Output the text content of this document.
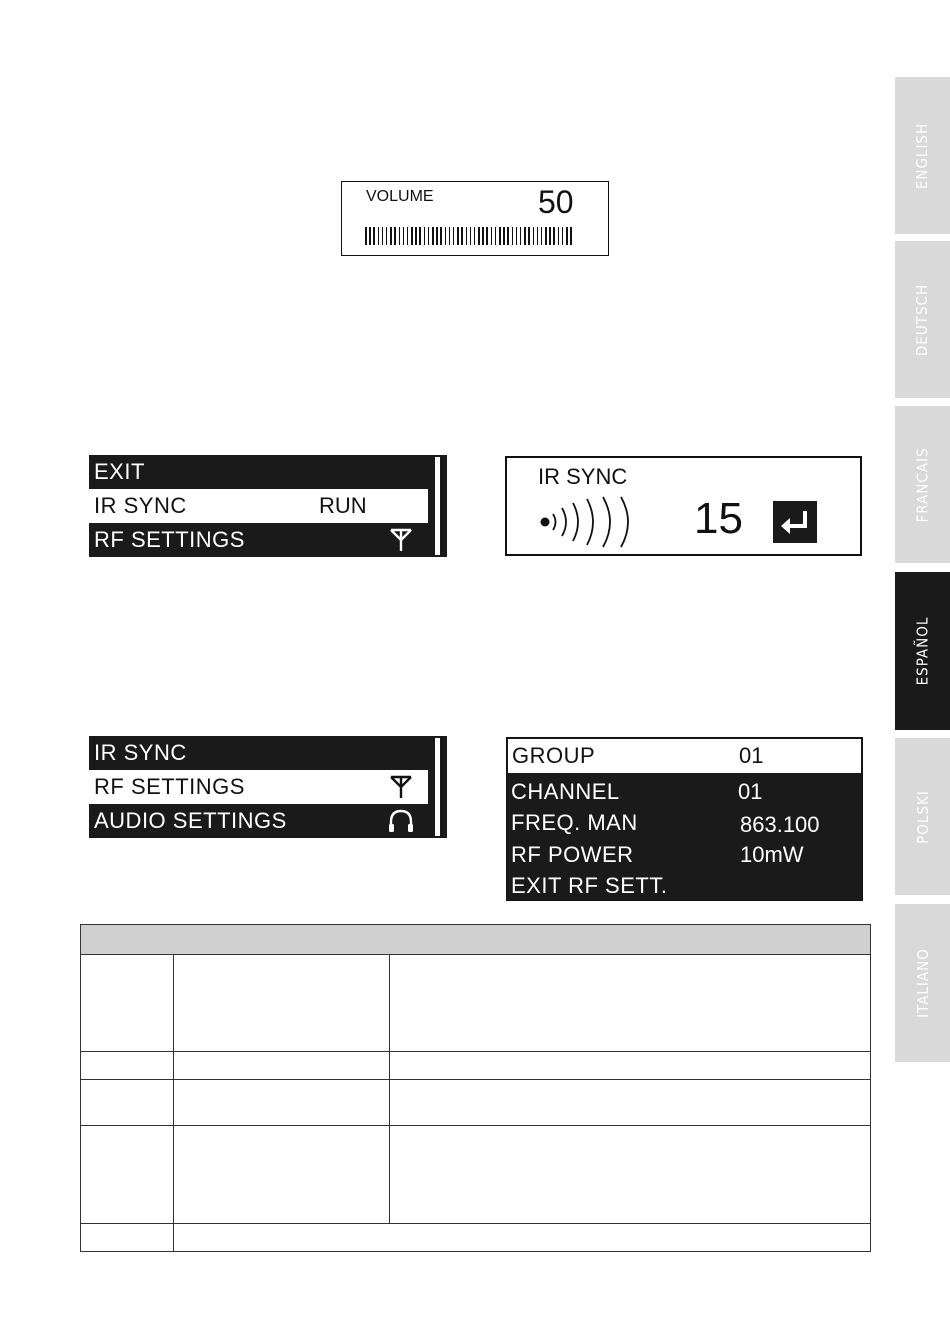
ENGLISH
DEUTSCH
FRANCAIS
ESPAÑOL
POLSKI
ITALIANO
VOLUME	50
EXIT
IR SYNC	RUN
RF SETTINGS
IR SYNC
15
IR SYNC
RF SETTINGS
AUDIO SETTINGS
GROUP	01
CHANNEL	01
FREQ. MAN	863.100
RF POWER	10mW
EXIT RF SETT.
